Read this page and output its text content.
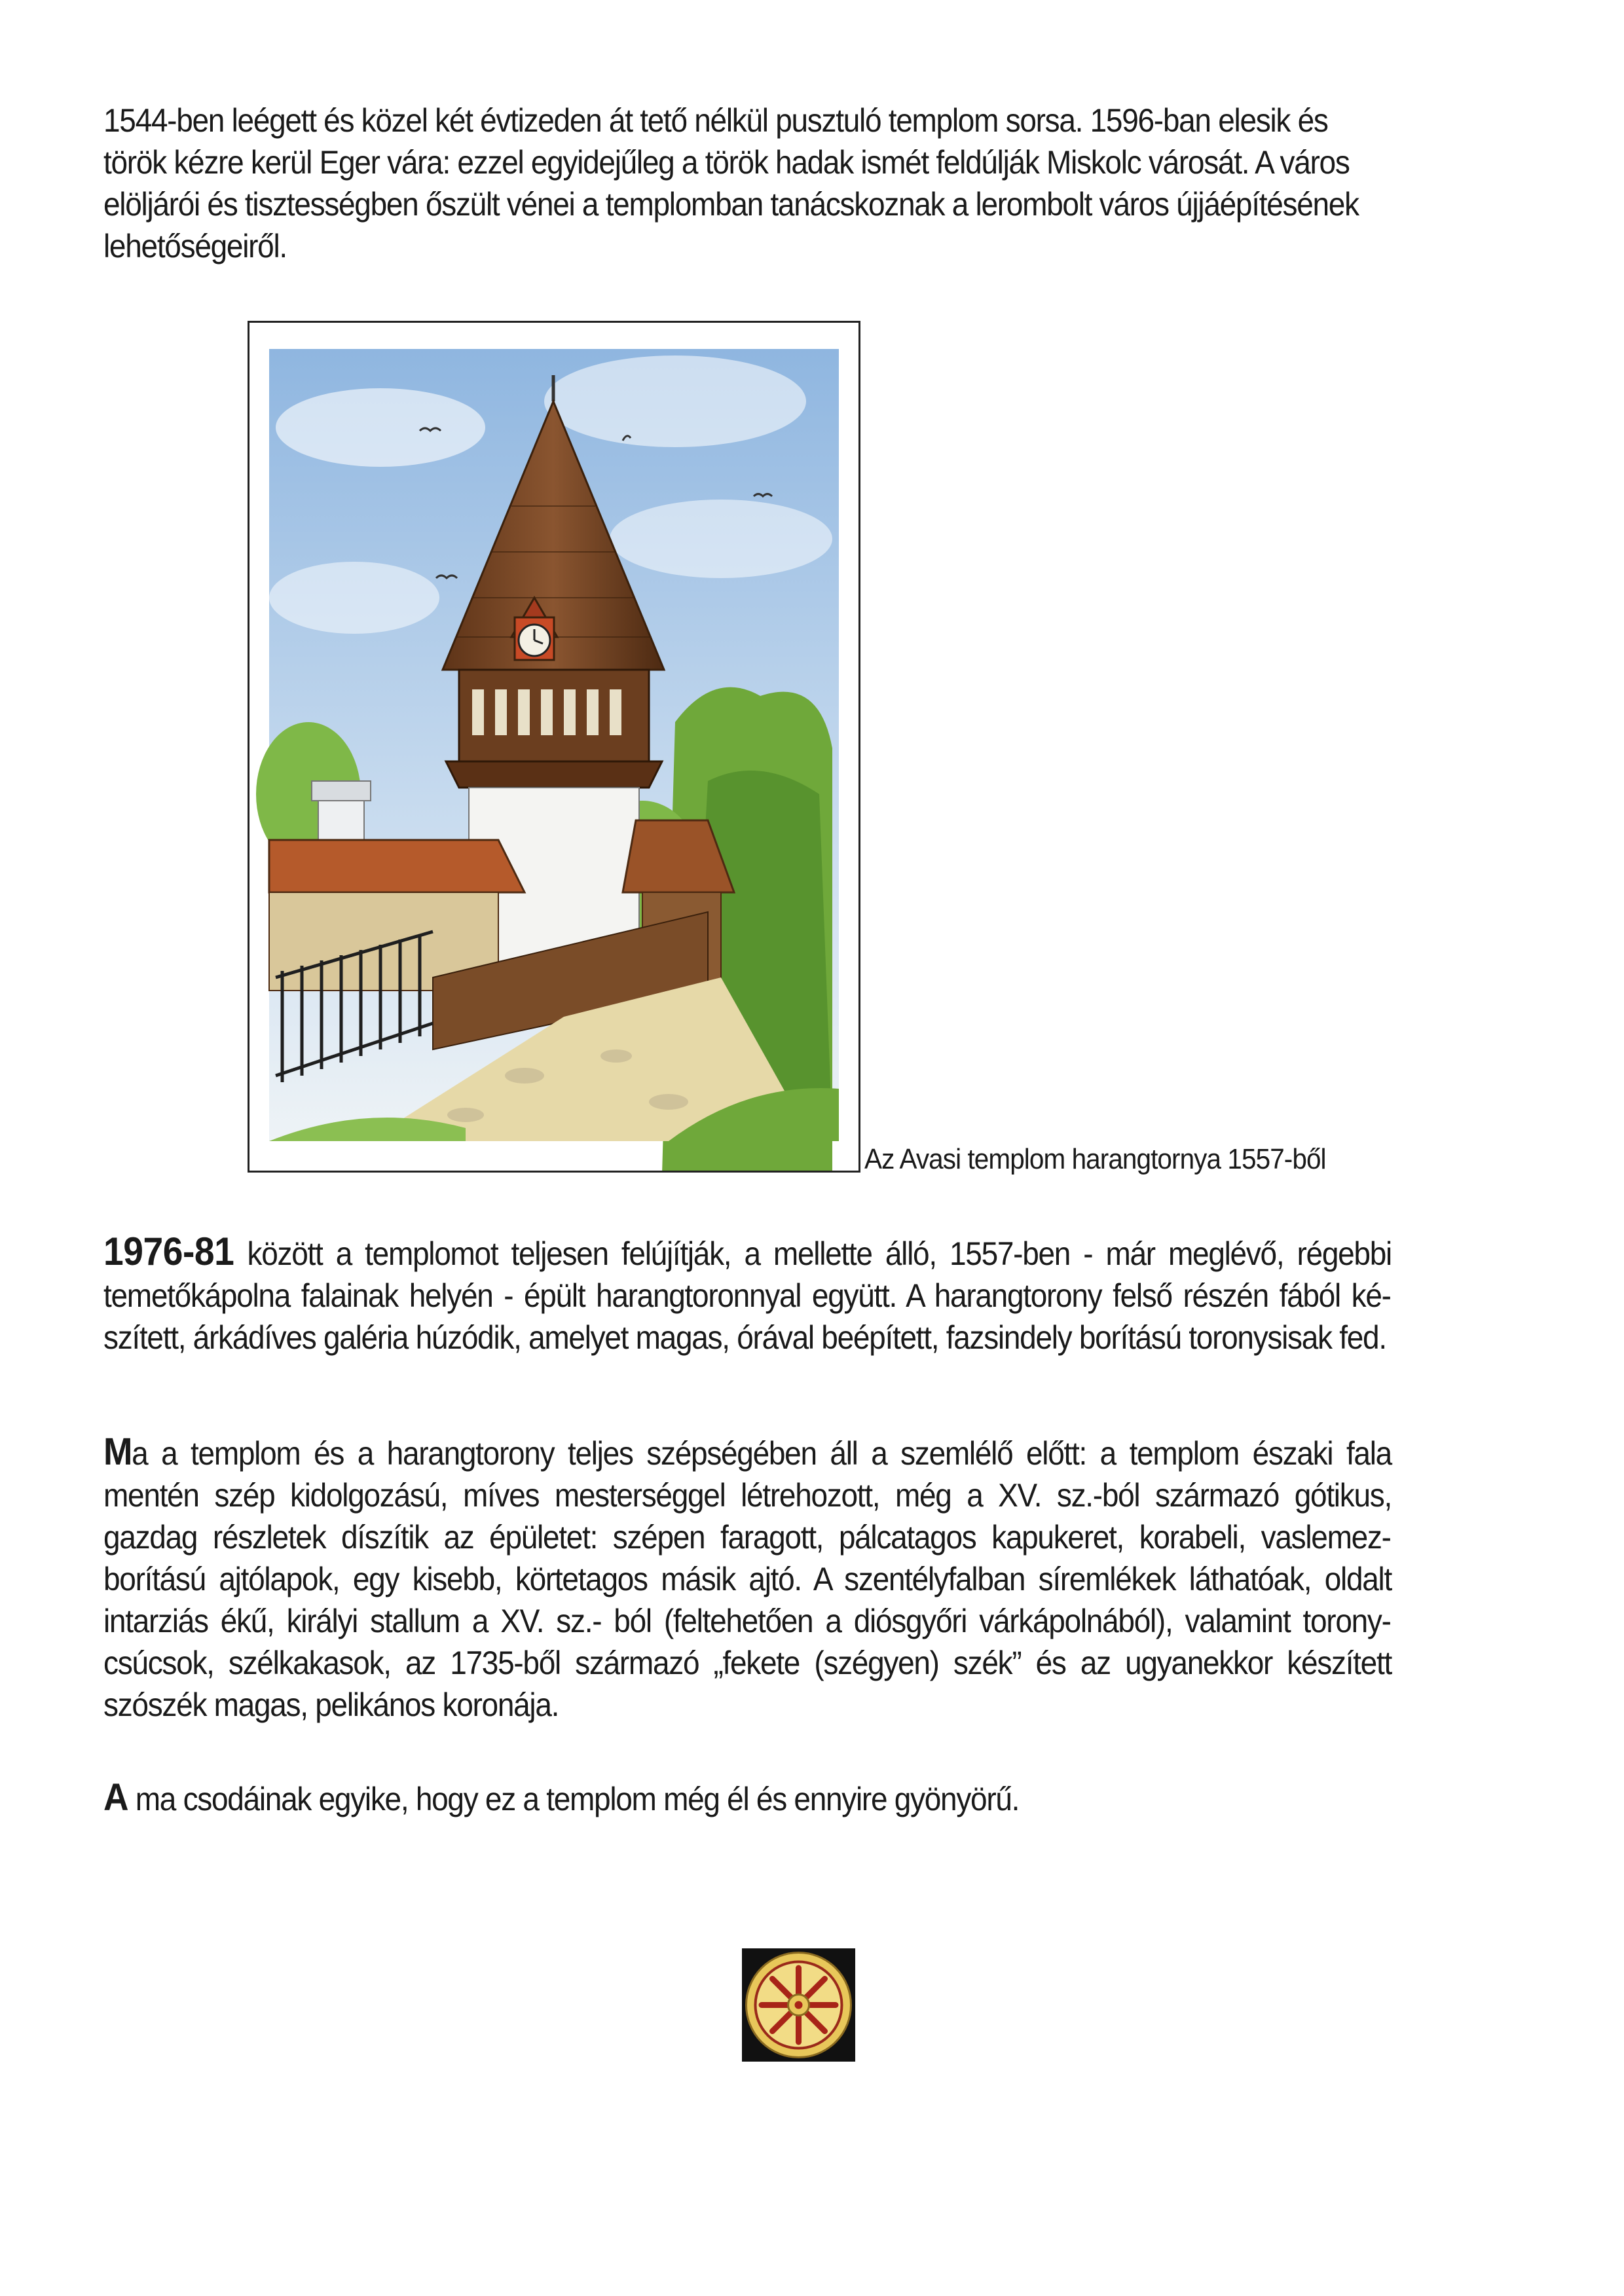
1544-ben leégett és közel két évtizeden át tető nélkül pusztuló templom sorsa. 1596-ban elesik és török kézre kerül Eger vára: ezzel egyidejűleg a török hadak ismét feldúlják Miskolc városát. A város elöljárói és tisztességben őszült vénei a templomban tanácskoznak a lerombolt város újjáépítésének lehetőségeiről.

Az Avasi templom harangtornya 1557-ből

1976-81 között a templomot teljesen felújítják, a mellette álló, 1557-ben - már meglévő, régebbi temetőkápolna falainak helyén - épült harangtoronnyal együtt. A harangtorony felső részén fából készített, árkádíves galéria húzódik, amelyet magas, órával beépített, fazsindely borítású toronysisak fed.

Ma a templom és a harangtorony teljes szépségében áll a szemlélő előtt: a templom északi fala mentén szép kidolgozású, míves mesterséggel létrehozott, még a XV. sz.-ból származó gótikus, gazdag részletek díszítik az épületet: szépen faragott, pálcatagos kapukeret, korabeli, vaslemezborítású ajtólapok, egy kisebb, körtetagos másik ajtó. A szentélyfalban síremlékek láthatóak, oldalt intarziás ékű, királyi stallum a XV. sz.- ból (feltehetően a diósgyőri várkápolnából), valamint toronycsúcsok, szélkakasok, az 1735-ből származó „fekete (szégyen) szék” és az ugyanekkor készített szószék magas, pelikános koronája.

A ma csodáinak egyike, hogy ez a templom még él és ennyire gyönyörű.
